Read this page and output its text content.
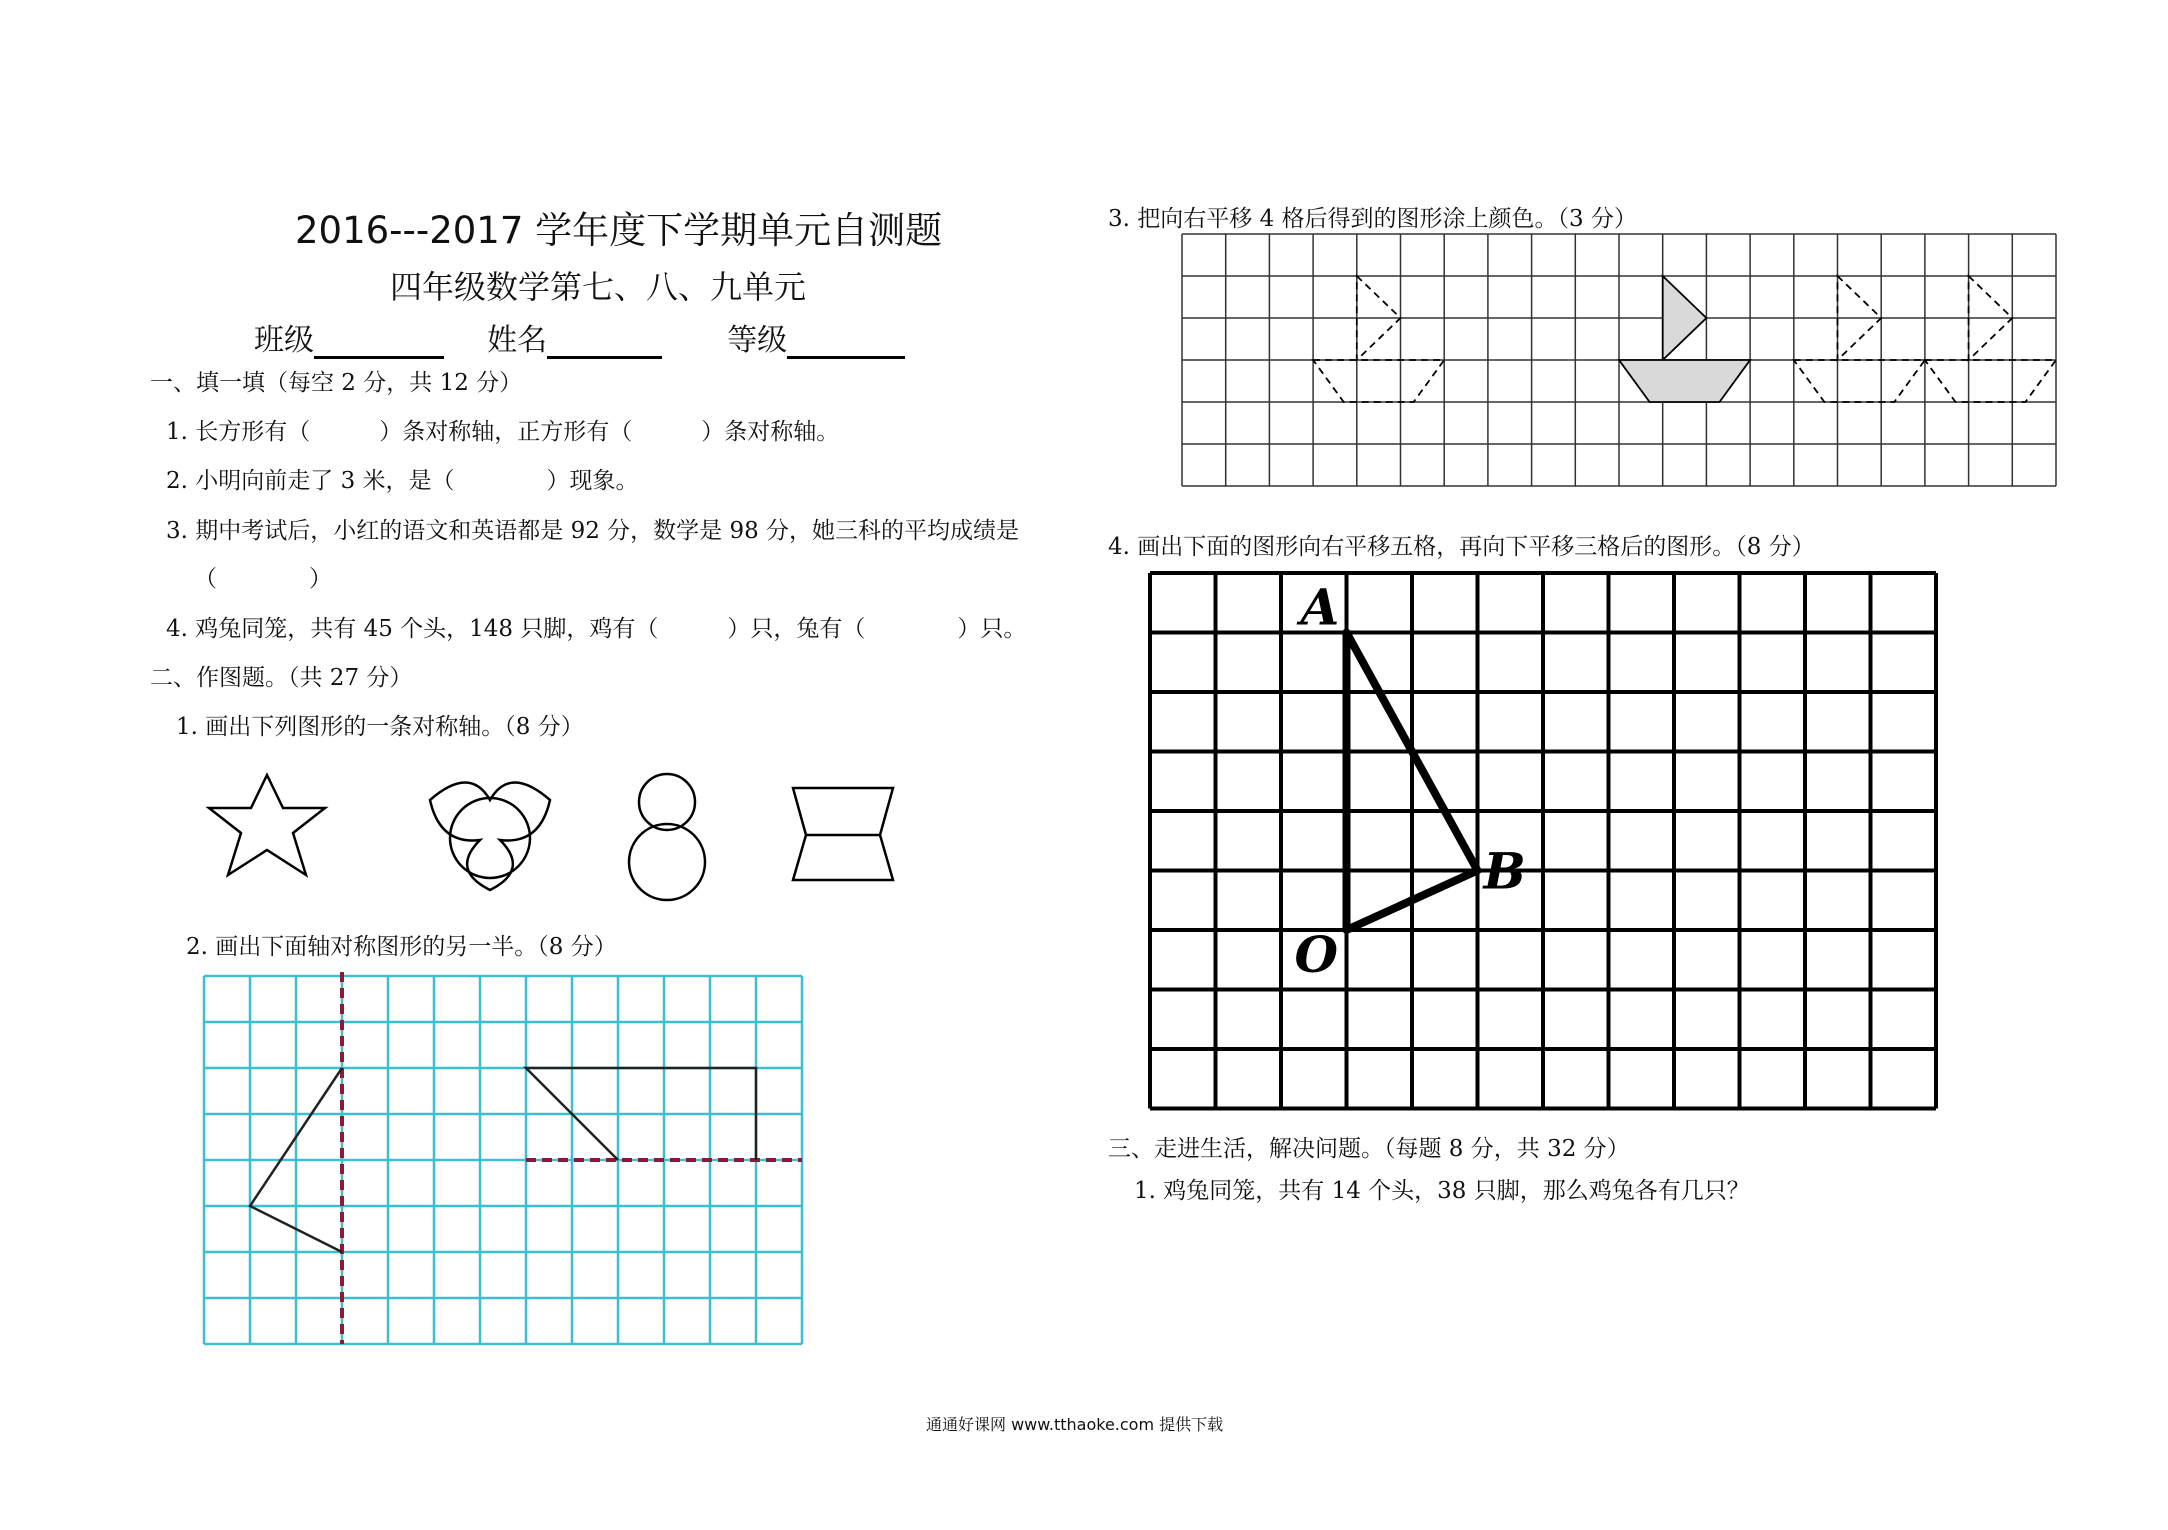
2016---2017 学年度下学期单元自测题
四年级数学第七、八、九单元
班级	姓名	等级
一、填一填（每空 2 分，共 12 分）
1. 长方形有（　　　）条对称轴，正方形有（　　　）条对称轴。
2. 小明向前走了 3 米，是（　　　　）现象。
3. 期中考试后，小红的语文和英语都是 92 分，数学是 98 分，她三科的平均成绩是
（　　　　）
4. 鸡兔同笼，共有 45 个头，148 只脚，鸡有（　　　）只，兔有（　　　　）只。
二、作图题。（共 27 分）
1. 画出下列图形的一条对称轴。（8 分）
2. 画出下面轴对称图形的另一半。（8 分）
3. 把向右平移 4 格后得到的图形涂上颜色。（3 分）
4. 画出下面的图形向右平移五格，再向下平移三格后的图形。（8 分）
A
B
O
三、走进生活，解决问题。（每题 8 分，共 32 分）
1. 鸡兔同笼，共有 14 个头，38 只脚，那么鸡兔各有几只？
通通好课网 www.tthaoke.com 提供下载
